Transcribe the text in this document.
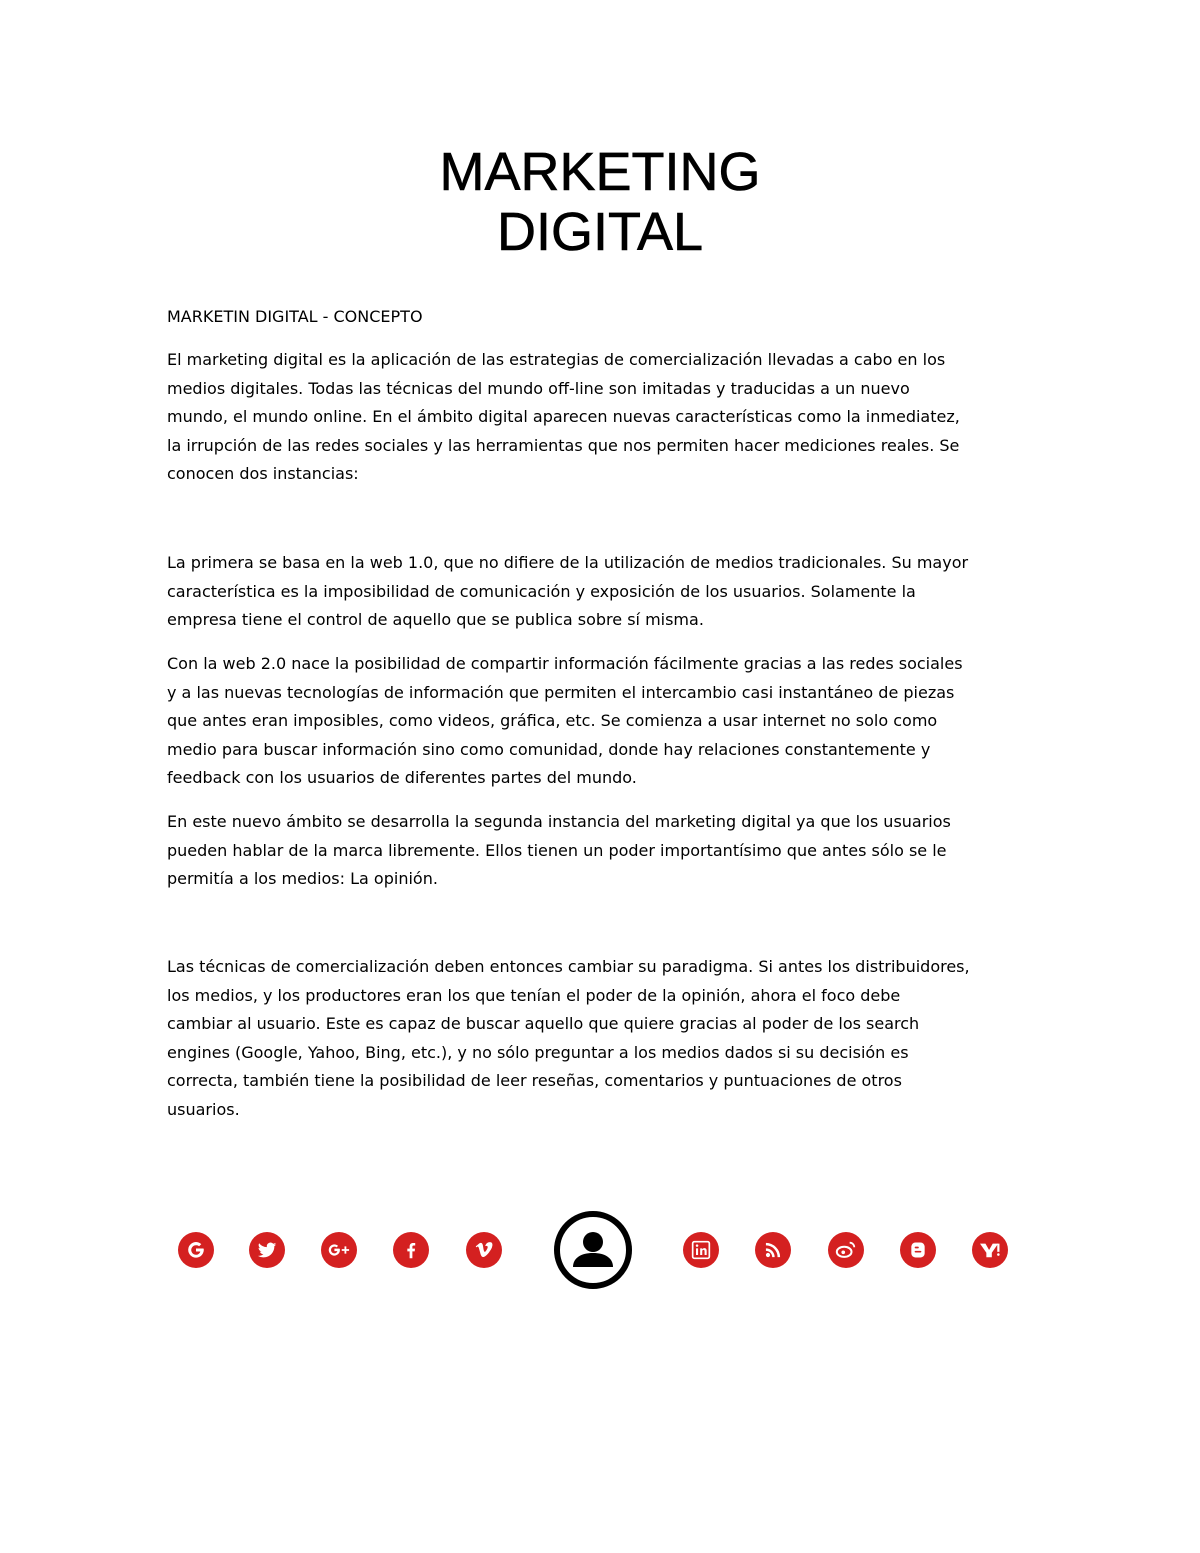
MARKETING
DIGITAL

MARKETIN DIGITAL - CONCEPTO

El marketing digital es la aplicación de las estrategias de comercialización llevadas a cabo en los
medios digitales. Todas las técnicas del mundo off-line son imitadas y traducidas a un nuevo
mundo, el mundo online. En el ámbito digital aparecen nuevas características como la inmediatez,
la irrupción de las redes sociales y las herramientas que nos permiten hacer mediciones reales. Se
conocen dos instancias:

La primera se basa en la web 1.0, que no difiere de la utilización de medios tradicionales. Su mayor
característica es la imposibilidad de comunicación y exposición de los usuarios. Solamente la
empresa tiene el control de aquello que se publica sobre sí misma.

Con la web 2.0 nace la posibilidad de compartir información fácilmente gracias a las redes sociales
y a las nuevas tecnologías de información que permiten el intercambio casi instantáneo de piezas
que antes eran imposibles, como videos, gráfica, etc. Se comienza a usar internet no solo como
medio para buscar información sino como comunidad, donde hay relaciones constantemente y
feedback con los usuarios de diferentes partes del mundo.

En este nuevo ámbito se desarrolla la segunda instancia del marketing digital ya que los usuarios
pueden hablar de la marca libremente. Ellos tienen un poder importantísimo que antes sólo se le
permitía a los medios: La opinión.

Las técnicas de comercialización deben entonces cambiar su paradigma. Si antes los distribuidores,
los medios, y los productores eran los que tenían el poder de la opinión, ahora el foco debe
cambiar al usuario. Este es capaz de buscar aquello que quiere gracias al poder de los search
engines (Google, Yahoo, Bing, etc.), y no sólo preguntar a los medios dados si su decisión es
correcta, también tiene la posibilidad de leer reseñas, comentarios y puntuaciones de otros
usuarios.
